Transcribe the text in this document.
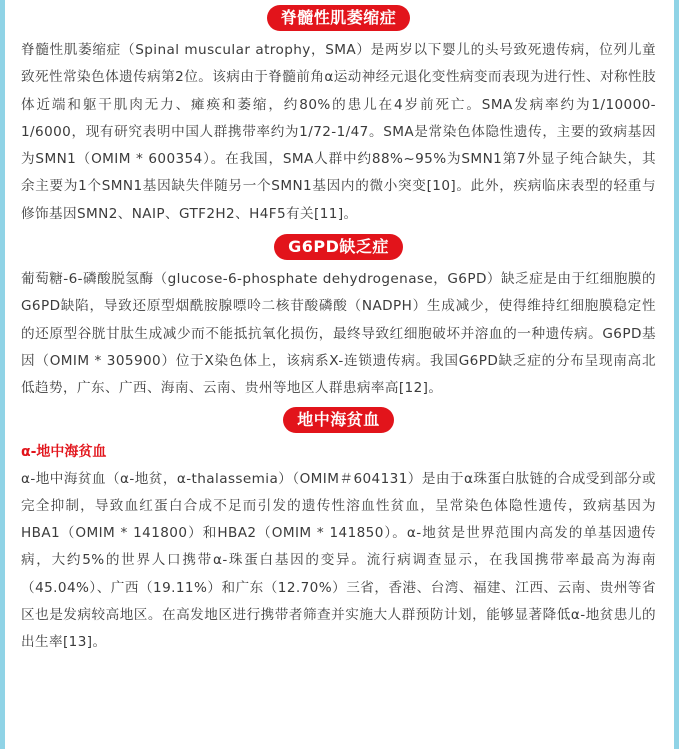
脊髓性肌萎缩症

脊髓性肌萎缩症（Spinal muscular atrophy，SMA）是两岁以下婴儿的头号致死遗传病，位列儿童致死性常染色体遗传病第2位。该病由于脊髓前角α运动神经元退化变性病变而表现为进行性、对称性肢体近端和躯干肌肉无力、瘫痪和萎缩，约80%的患儿在4岁前死亡。SMA发病率约为1/10000-1/6000，现有研究表明中国人群携带率约为1/72-1/47。SMA是常染色体隐性遗传，主要的致病基因为SMN1（OMIM * 600354）。在我国，SMA人群中约88%~95%为SMN1第7外显子纯合缺失，其余主要为1个SMN1基因缺失伴随另一个SMN1基因内的微小突变[10]。此外，疾病临床表型的轻重与修饰基因SMN2、NAIP、GTF2H2、H4F5有关[11]。

G6PD缺乏症

葡萄糖-6-磷酸脱氢酶（glucose-6-phosphate dehydrogenase，G6PD）缺乏症是由于红细胞膜的G6PD缺陷，导致还原型烟酰胺腺嘌呤二核苷酸磷酸（NADPH）生成减少，使得维持红细胞膜稳定性的还原型谷胱甘肽生成减少而不能抵抗氧化损伤，最终导致红细胞破坏并溶血的一种遗传病。G6PD基因（OMIM * 305900）位于X染色体上，该病系X-连锁遗传病。我国G6PD缺乏症的分布呈现南高北低趋势，广东、广西、海南、云南、贵州等地区人群患病率高[12]。

地中海贫血

α-地中海贫血

α-地中海贫血（α-地贫，α-thalassemia）（OMIM＃604131）是由于α珠蛋白肽链的合成受到部分或完全抑制，导致血红蛋白合成不足而引发的遗传性溶血性贫血，呈常染色体隐性遗传，致病基因为HBA1（OMIM * 141800）和HBA2（OMIM * 141850）。α-地贫是世界范围内高发的单基因遗传病，大约5%的世界人口携带α-珠蛋白基因的变异。流行病调查显示，在我国携带率最高为海南（45.04%）、广西（19.11%）和广东（12.70%）三省，香港、台湾、福建、江西、云南、贵州等省区也是发病较高地区。在高发地区进行携带者筛查并实施大人群预防计划，能够显著降低α-地贫患儿的出生率[13]。
